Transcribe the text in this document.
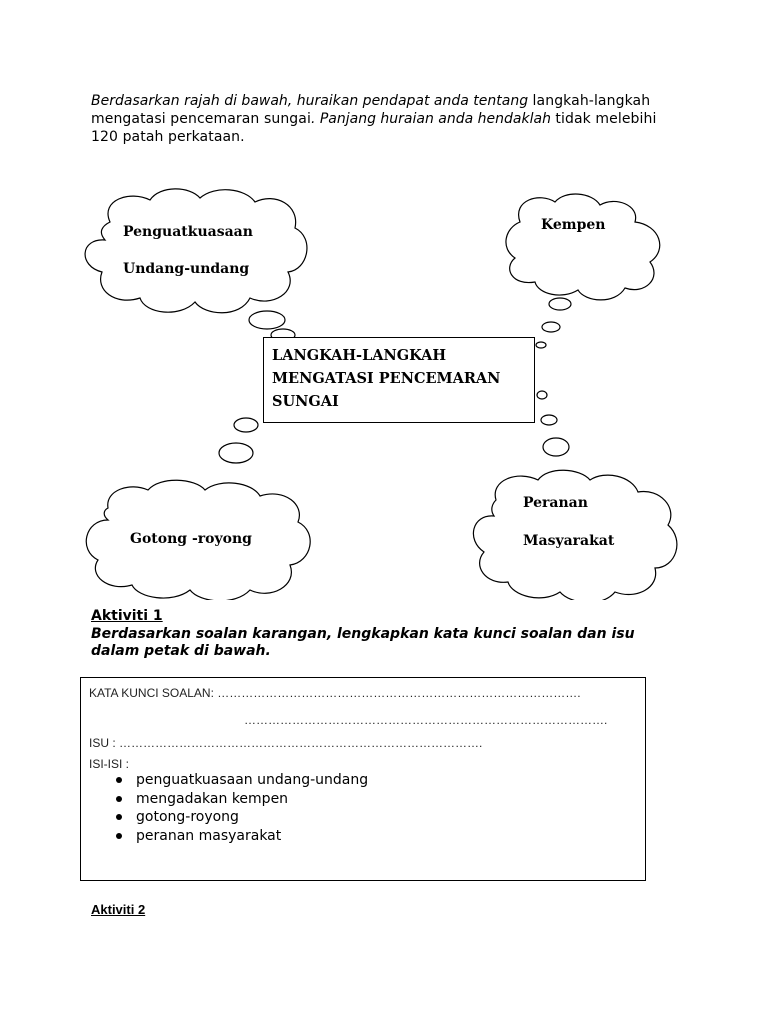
Berdasarkan rajah di bawah, huraikan pendapat anda tentang langkah-langkah mengatasi pencemaran sungai. Panjang huraian anda hendaklah tidak melebihi 120 patah perkataan.
Penguatkuasaan
Undang-undang
Kempen
Gotong -royong
Peranan
Masyarakat
LANGKAH-LANGKAH
MENGATASI PENCEMARAN
SUNGAI
Aktiviti 1
Berdasarkan soalan karangan, lengkapkan kata kunci soalan dan isu dalam petak di bawah.
KATA KUNCI SOALAN: ……………………………………………………………………………….
……………………………………………………………………………….
ISU : ……………………………………………………………………………….
ISI-ISI :
penguatkuasaan undang-undang
mengadakan kempen
gotong-royong
peranan masyarakat
Aktiviti 2
